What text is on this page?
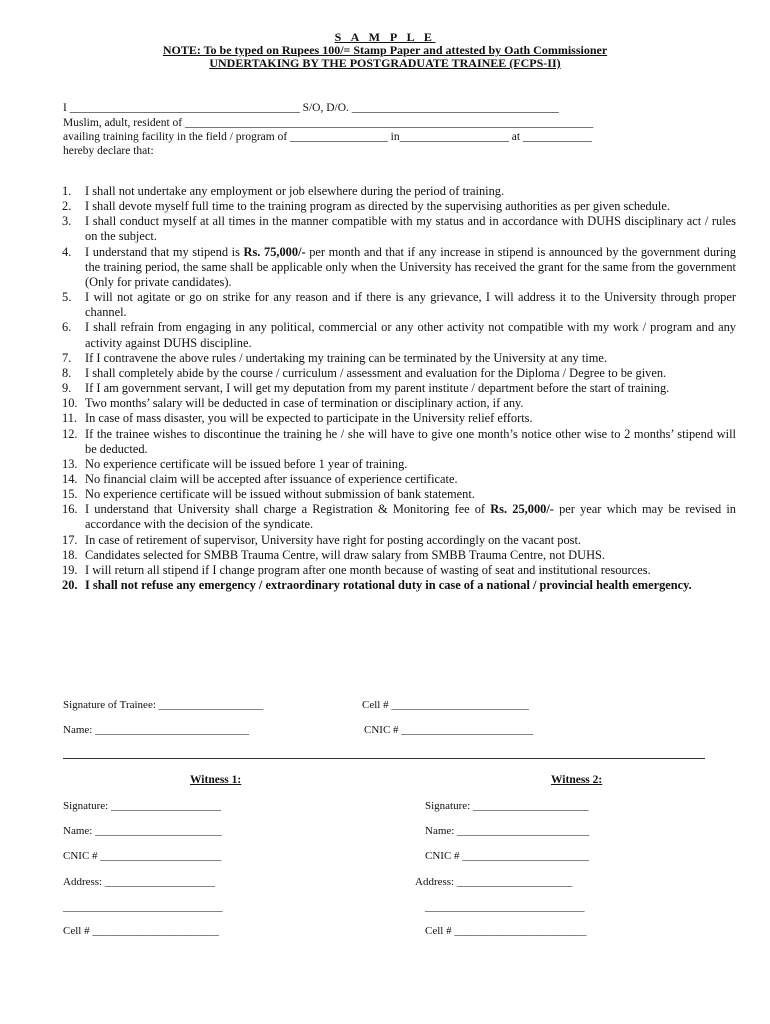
S A M P L E
NOTE: To be typed on Rupees 100/= Stamp Paper and attested by Oath Commissioner
UNDERTAKING BY THE POSTGRADUATE TRAINEE (FCPS-II)
I ________________________________________ S/O, D/O. ____________________________________
Muslim, adult, resident of _______________________________________________________________________
availing training facility in the field / program of _________________ in___________________ at ____________
hereby declare that:
1.	I shall not undertake any employment or job elsewhere during the period of training.
2.	I shall devote myself full time to the training program as directed by the supervising authorities as per given schedule.
3.	I shall conduct myself at all times in the manner compatible with my status and in accordance with DUHS disciplinary act / rules on the subject.
4.	I understand that my stipend is Rs. 75,000/- per month and that if any increase in stipend is announced by the government during the training period, the same shall be applicable only when the University has received the grant for the same from the government (Only for private candidates).
5.	I will not agitate or go on strike for any reason and if there is any grievance, I will address it to the University through proper channel.
6.	I shall refrain from engaging in any political, commercial or any other activity not compatible with my work / program and any activity against DUHS discipline.
7.	If I contravene the above rules / undertaking my training can be terminated by the University at any time.
8.	I shall completely abide by the course / curriculum / assessment and evaluation for the Diploma / Degree to be given.
9.	If I am government servant, I will get my deputation from my parent institute / department before the start of training.
10. Two months’ salary will be deducted in case of termination or disciplinary action, if any.
11. In case of mass disaster, you will be expected to participate in the University relief efforts.
12. If the trainee wishes to discontinue the training he / she will have to give one month’s notice other wise to 2 months’ stipend will be deducted.
13. No experience certificate will be issued before 1 year of training.
14. No financial claim will be accepted after issuance of experience certificate.
15. No experience certificate will be issued without submission of bank statement.
16. I understand that University shall charge a Registration & Monitoring fee of Rs. 25,000/- per year which may be revised in accordance with the decision of the syndicate.
17. In case of retirement of supervisor, University have right for posting accordingly on the vacant post.
18. Candidates selected for SMBB Trauma Centre, will draw salary from SMBB Trauma Centre, not DUHS.
19. I will return all stipend if I change program after one month because of wasting of seat and institutional resources.
20. I shall not refuse any emergency / extraordinary rotational duty in case of a national / provincial health emergency.
Signature of Trainee: ___________________	Cell # _________________________
Name: ____________________________	CNIC # ________________________
Witness 1:
Signature: ____________________
Name: _______________________
CNIC # ______________________
Address: ____________________
_____________________________
Cell # _______________________
Witness 2:
Signature: _____________________
Name: ________________________
CNIC # _______________________
Address: _____________________
_____________________________
Cell # ________________________
